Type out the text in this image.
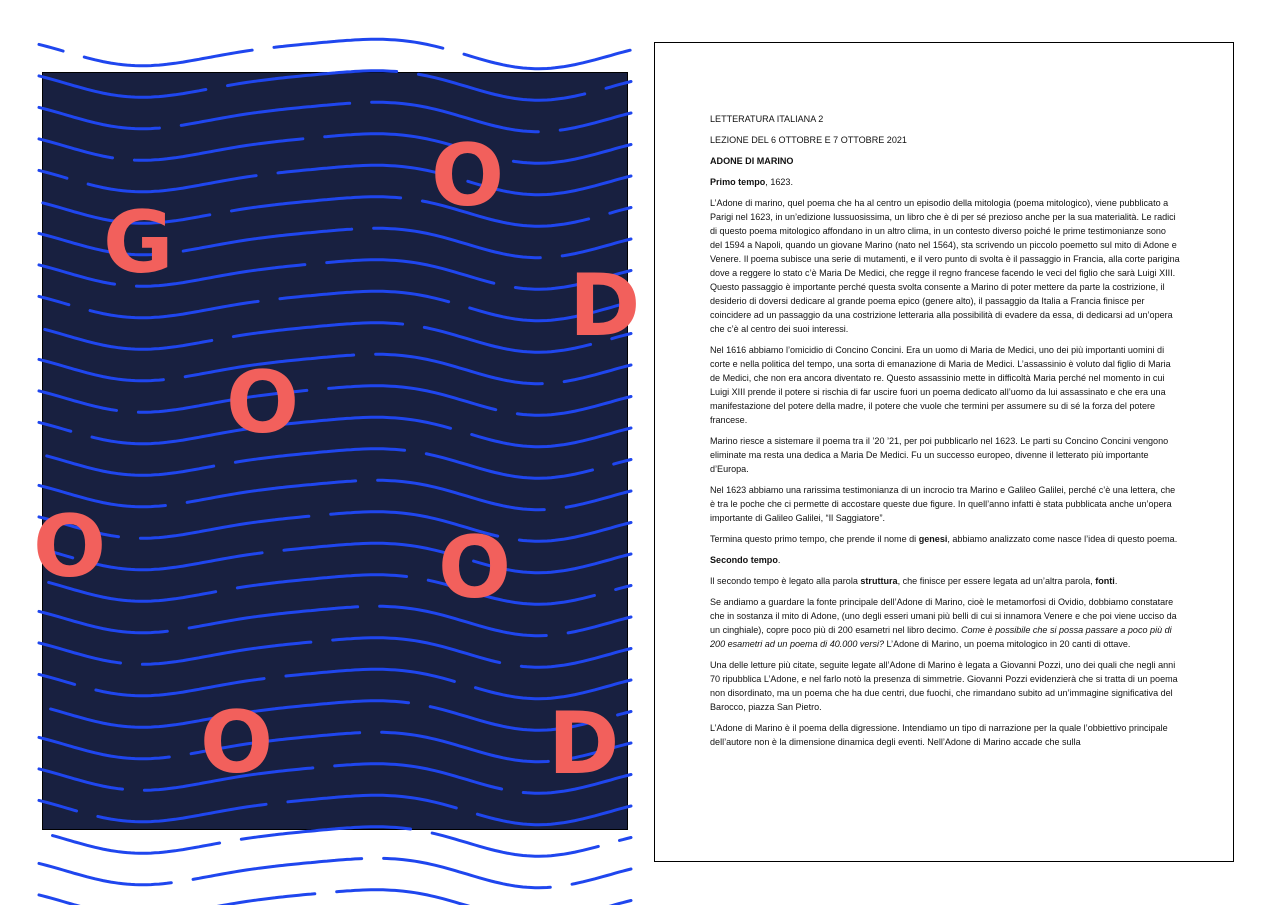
G
O
D
O
O	O
O	D

LETTERATURA ITALIANA 2

LEZIONE DEL 6 OTTOBRE E 7 OTTOBRE 2021

ADONE DI MARINO

Primo tempo, 1623.

L’Adone di marino, quel poema che ha al centro un episodio della mitologia (poema mitologico), viene pubblicato a Parigi nel 1623, in un’edizione lussuosissima, un libro che è di per sé prezioso anche per la sua materialità. Le radici di questo poema mitologico affondano in un altro clima, in un contesto diverso poiché le prime testimonianze sono del 1594 a Napoli, quando un giovane Marino (nato nel 1564), sta scrivendo un piccolo poemetto sul mito di Adone e Venere. Il poema subisce una serie di mutamenti, e il vero punto di svolta è il passaggio in Francia, alla corte parigina dove a reggere lo stato c’è Maria De Medici, che regge il regno francese facendo le veci del figlio che sarà Luigi XIII. Questo passaggio è importante perché questa svolta consente a Marino di poter mettere da parte la costrizione, il desiderio di doversi dedicare al grande poema epico (genere alto), il passaggio da Italia a Francia finisce per coincidere ad un passaggio da una costrizione letteraria alla possibilità di evadere da essa, di dedicarsi ad un’opera che c’è al centro dei suoi interessi.

Nel 1616 abbiamo l’omicidio di Concino Concini. Era un uomo di Maria de Medici, uno dei più importanti uomini di corte e nella politica del tempo, una sorta di emanazione di Maria de Medici. L’assassinio è voluto dal figlio di Maria de Medici, che non era ancora diventato re. Questo assassinio mette in difficoltà Maria perché nel momento in cui Luigi XIII prende il potere si rischia di far uscire fuori un poema dedicato all’uomo da lui assassinato e che era una manifestazione del potere della madre, il potere che vuole che termini per assumere su di sé la forza del potere francese.

Marino riesce a sistemare il poema tra il ’20 ’21, per poi pubblicarlo nel 1623. Le parti su Concino Concini vengono eliminate ma resta una dedica a Maria De Medici. Fu un successo europeo, divenne il letterato più importante d’Europa.

Nel 1623 abbiamo una rarissima testimonianza di un incrocio tra Marino e Galileo Galilei, perché c’è una lettera, che è tra le poche che ci permette di accostare queste due figure. In quell’anno infatti è stata pubblicata anche un’opera importante di Galileo Galilei, “Il Saggiatore”.

Termina questo primo tempo, che prende il nome di genesi, abbiamo analizzato come nasce l’idea di questo poema.

Secondo tempo.

Il secondo tempo è legato alla parola struttura, che finisce per essere legata ad un’altra parola, fonti.

Se andiamo a guardare la fonte principale dell’Adone di Marino, cioè le metamorfosi di Ovidio, dobbiamo constatare che in sostanza il mito di Adone, (uno degli esseri umani più belli di cui si innamora Venere e che poi viene ucciso da un cinghiale), copre poco più di 200 esametri nel libro decimo. Come è possibile che si possa passare a poco più di 200 esametri ad un poema di 40.000 versi? L’Adone di Marino, un poema mitologico in 20 canti di ottave.

Una delle letture più citate, seguite legate all’Adone di Marino è legata a Giovanni Pozzi, uno dei quali che negli anni 70 ripubblica L’Adone, e nel farlo notò la presenza di simmetrie. Giovanni Pozzi evidenzierà che si tratta di un poema non disordinato, ma un poema che ha due centri, due fuochi, che rimandano subito ad un’immagine significativa del Barocco, piazza San Pietro.

L’Adone di Marino è il poema della digressione. Intendiamo un tipo di narrazione per la quale l’obbiettivo principale dell’autore non è la dimensione dinamica degli eventi. Nell’Adone di Marino accade che sulla
